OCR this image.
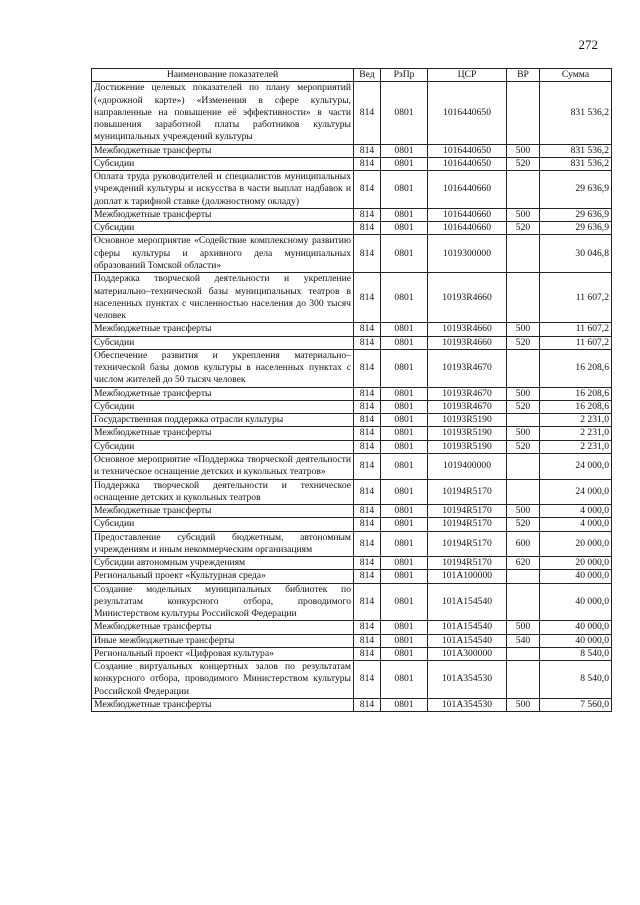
272
Наименование показателей	Вед	РзПр	ЦСР	ВР	Сумма
Достижение целевых показателей по плану мероприятий («дорожной карте») «Изменения в сфере культуры, направленные на повышение её эффективности» в части повышения заработной платы работников культуры муниципальных учреждений культуры	814	0801	1016440650		831 536,2
Межбюджетные трансферты	814	0801	1016440650	500	831 536,2
Субсидии	814	0801	1016440650	520	831 536,2
Оплата труда руководителей и специалистов муниципальных учреждений культуры и искусства в части выплат надбавок и доплат к тарифной ставке (должностному окладу)	814	0801	1016440660		29 636,9
Межбюджетные трансферты	814	0801	1016440660	500	29 636,9
Субсидии	814	0801	1016440660	520	29 636,9
Основное мероприятие «Содействие комплексному развитию сферы культуры и архивного дела муниципальных образований Томской области»	814	0801	1019300000		30 046,8
Поддержка творческой деятельности и укрепление материально–технической базы муниципальных театров в населенных пунктах с численностью населения до 300 тысяч человек	814	0801	10193R4660		11 607,2
Межбюджетные трансферты	814	0801	10193R4660	500	11 607,2
Субсидии	814	0801	10193R4660	520	11 607,2
Обеспечение развития и укрепления материально–технической базы домов культуры в населенных пунктах с числом жителей до 50 тысяч человек	814	0801	10193R4670		16 208,6
Межбюджетные трансферты	814	0801	10193R4670	500	16 208,6
Субсидии	814	0801	10193R4670	520	16 208,6
Государственная поддержка отрасли культуры	814	0801	10193R5190		2 231,0
Межбюджетные трансферты	814	0801	10193R5190	500	2 231,0
Субсидии	814	0801	10193R5190	520	2 231,0
Основное мероприятие «Поддержка творческой деятельности и техническое оснащение детских и кукольных театров»	814	0801	1019400000		24 000,0
Поддержка творческой деятельности и техническое оснащение детских и кукольных театров	814	0801	10194R5170		24 000,0
Межбюджетные трансферты	814	0801	10194R5170	500	4 000,0
Субсидии	814	0801	10194R5170	520	4 000,0
Предоставление субсидий бюджетным, автономным учреждениям и иным некоммерческим организациям	814	0801	10194R5170	600	20 000,0
Субсидии автономным учреждениям	814	0801	10194R5170	620	20 000,0
Региональный проект «Культурная среда»	814	0801	101A100000		40 000,0
Создание модельных муниципальных библиотек по результатам конкурсного отбора, проводимого Министерством культуры Российской Федерации	814	0801	101A154540		40 000,0
Межбюджетные трансферты	814	0801	101A154540	500	40 000,0
Иные межбюджетные трансферты	814	0801	101A154540	540	40 000,0
Региональный проект «Цифровая культура»	814	0801	101A300000		8 540,0
Создание виртуальных концертных залов по результатам конкурсного отбора, проводимого Министерством культуры Российской Федерации	814	0801	101A354530		8 540,0
Межбюджетные трансферты	814	0801	101A354530	500	7 560,0
